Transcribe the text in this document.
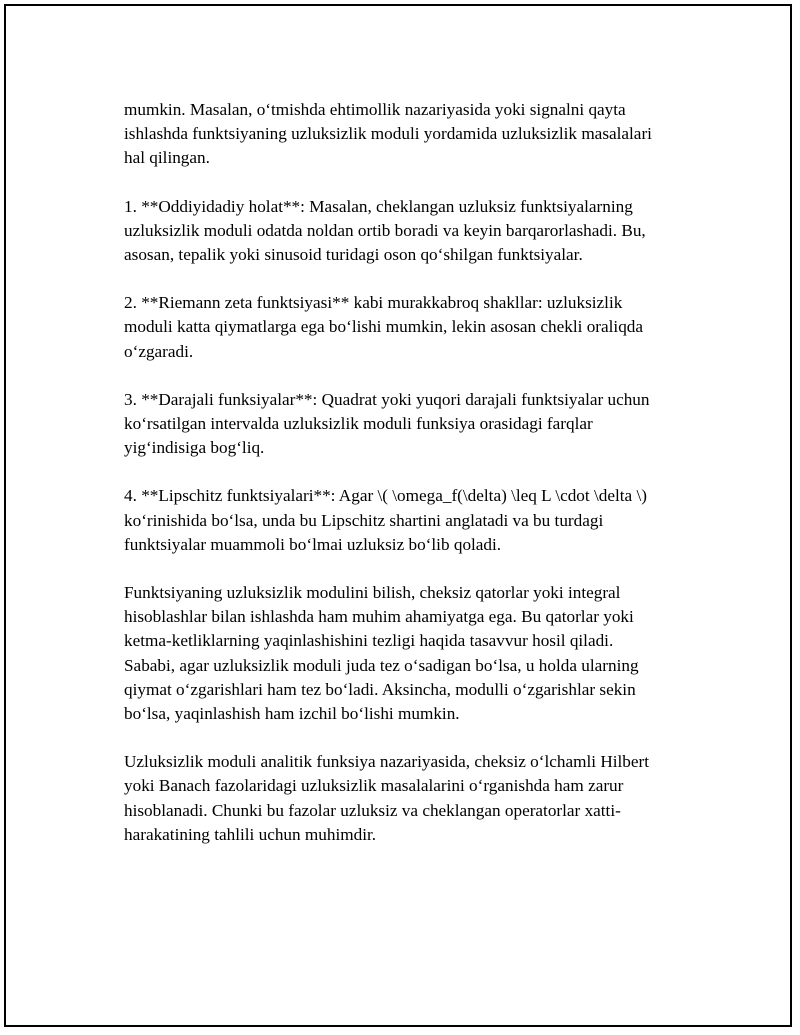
mumkin. Masalan, o‘tmishda ehtimollik nazariyasida yoki signalni qayta
ishlashda funktsiyaning uzluksizlik moduli yordamida uzluksizlik masalalari
hal qilingan.

1. **Oddiyidadiy holat**: Masalan, cheklangan uzluksiz funktsiyalarning
uzluksizlik moduli odatda noldan ortib boradi va keyin barqarorlashadi. Bu,
asosan, tepalik yoki sinusoid turidagi oson qo‘shilgan funktsiyalar.

2. **Riemann zeta funktsiyasi** kabi murakkabroq shakllar: uzluksizlik
moduli katta qiymatlarga ega bo‘lishi mumkin, lekin asosan chekli oraliqda
o‘zgaradi.

3. **Darajali funksiyalar**: Quadrat yoki yuqori darajali funktsiyalar uchun
ko‘rsatilgan intervalda uzluksizlik moduli funksiya orasidagi farqlar
yig‘indisiga bog‘liq.

4. **Lipschitz funktsiyalari**: Agar \( \omega_f(\delta) \leq L \cdot \delta \)
ko‘rinishida bo‘lsa, unda bu Lipschitz shartini anglatadi va bu turdagi
funktsiyalar muammoli bo‘lmai uzluksiz bo‘lib qoladi.

Funktsiyaning uzluksizlik modulini bilish, cheksiz qatorlar yoki integral
hisoblashlar bilan ishlashda ham muhim ahamiyatga ega. Bu qatorlar yoki
ketma-ketliklarning yaqinlashishini tezligi haqida tasavvur hosil qiladi.
Sababi, agar uzluksizlik moduli juda tez o‘sadigan bo‘lsa, u holda ularning
qiymat o‘zgarishlari ham tez bo‘ladi. Aksincha, modulli o‘zgarishlar sekin
bo‘lsa, yaqinlashish ham izchil bo‘lishi mumkin.

Uzluksizlik moduli analitik funksiya nazariyasida, cheksiz o‘lchamli Hilbert
yoki Banach fazolaridagi uzluksizlik masalalarini o‘rganishda ham zarur
hisoblanadi. Chunki bu fazolar uzluksiz va cheklangan operatorlar xatti-
harakatining tahlili uchun muhimdir.
